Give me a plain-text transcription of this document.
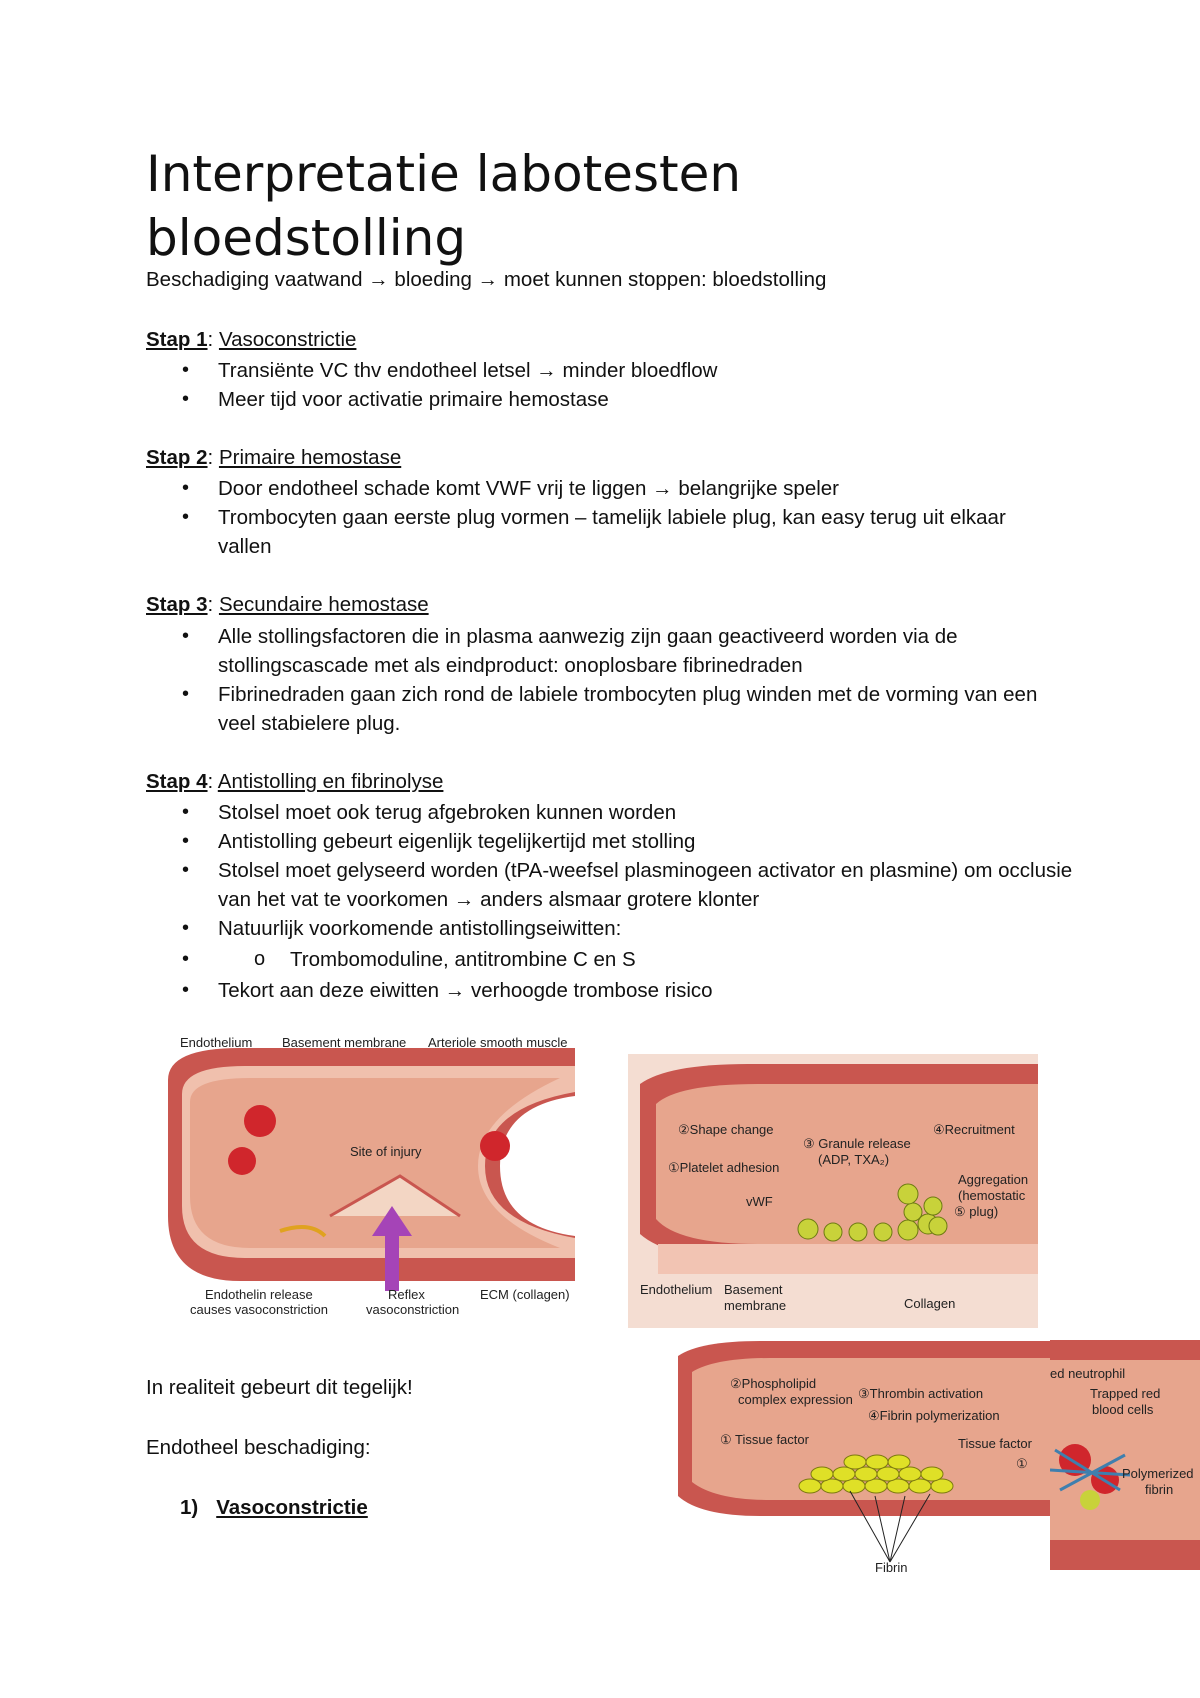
Interpretatie labotesten bloedstolling
Beschadiging vaatwand → bloeding → moet kunnen stoppen: bloedstolling
Stap 1: Vasoconstrictie
• Transiënte VC thv endotheel letsel → minder bloedflow
• Meer tijd voor activatie primaire hemostase
Stap 2: Primaire hemostase
• Door endotheel schade komt VWF vrij te liggen → belangrijke speler
• Trombocyten gaan eerste plug vormen – tamelijk labiele plug, kan easy terug uit elkaar vallen
Stap 3: Secundaire hemostase
• Alle stollingsfactoren die in plasma aanwezig zijn gaan geactiveerd worden via de stollingscascade met als eindproduct: onoplosbare fibrinedraden
• Fibrinedraden gaan zich rond de labiele trombocyten plug winden met de vorming van een veel stabielere plug.
Stap 4: Antistolling en fibrinolyse
• Stolsel moet ook terug afgebroken kunnen worden
• Antistolling gebeurt eigenlijk tegelijkertijd met stolling
• Stolsel moet gelyseerd worden (tPA-weefsel plasminogeen activator en plasmine) om occlusie van het vat te voorkomen → anders alsmaar grotere klonter
• Natuurlijk voorkomende antistollingseiwitten:
o • Trombomoduline, antitrombine C en S
• Tekort aan deze eiwitten → verhoogde trombose risico
Endothelium Basement membrane Arteriole smooth muscle
Site of injury
Endothelin release
causes vasoconstriction
Reflex
vasoconstriction
ECM (collagen)
②Shape change
①Platelet adhesion
③ Granule release
(ADP, TXA₂)
④Recruitment
vWF
Aggregation
(hemostatic
⑤ plug)
Endothelium Basement
membrane	Collagen
②Phospholipid
complex expression ③Thrombin activation
④Fibrin polymerization
① Tissue factor	Tissue factor
①
Fibrin
ed neutrophil
Trapped red
blood cells
Polymerized
fibrin
In realiteit gebeurt dit tegelijk!
Endotheel beschadiging:
1) Vasoconstrictie
